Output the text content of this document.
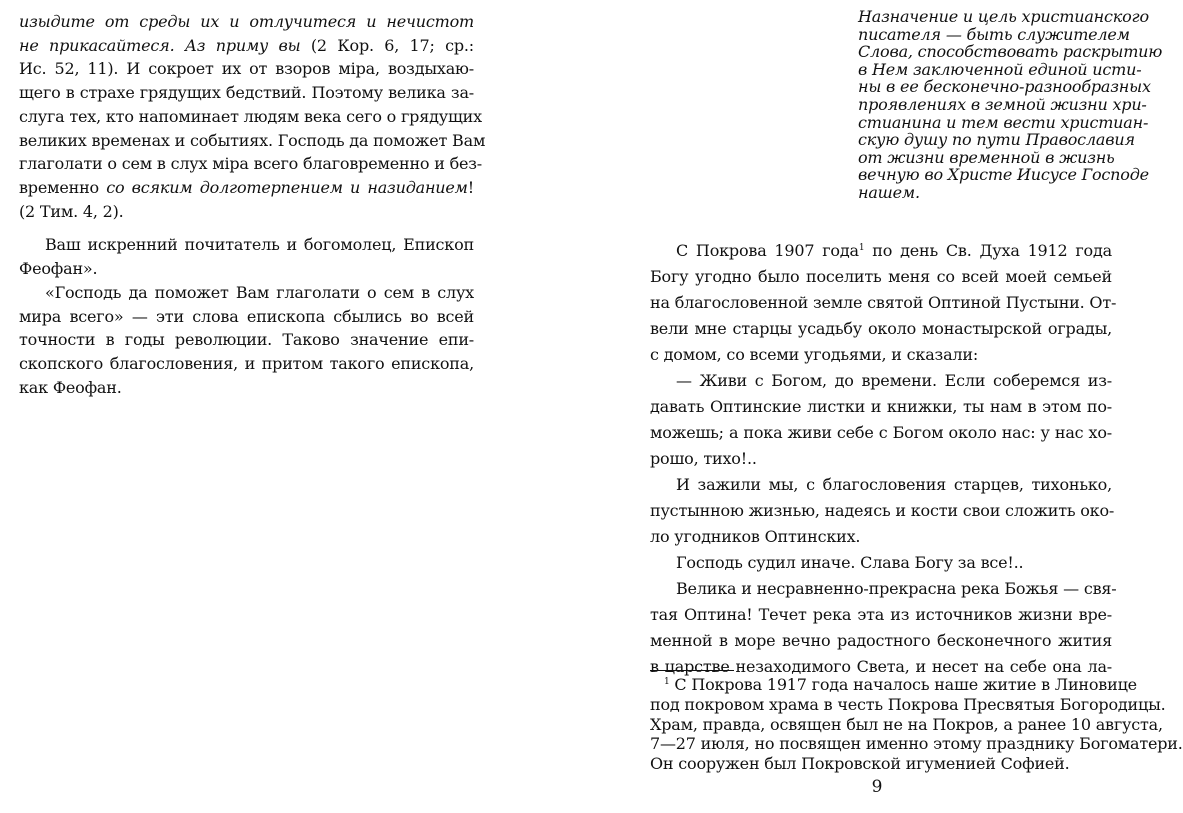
изыдите от среды их и отлучитеся и нечистот
не прикасайтеся. Аз приму вы (2 Кор. 6, 17; ср.:
Ис. 52, 11). И сокроет их от взоров міра, воздыхаю-
щего в страхе грядущих бедствий. Поэтому велика за-
слуга тех, кто напоминает людям века сего о грядущих
великих временах и событиях. Господь да поможет Вам
глаголати о сем в слух міра всего благовременно и без-
временно со всяким долготерпением и назиданием!
(2 Тим. 4, 2).
Ваш искренний почитатель и богомолец, Епископ
Феофан».
«Господь да поможет Вам глаголати о сем в слух
мира всего» — эти слова епископа сбылись во всей
точности в годы революции. Таково значение епи-
скопского благословения, и притом такого епископа,
как Феофан.
Назначение и цель христианского
писателя — быть служителем
Слова, способствовать раскрытию
в Нем заключенной единой исти-
ны в ее бесконечно-разнообразных
проявлениях в земной жизни хри-
стианина и тем вести христиан-
скую душу по пути Православия
от жизни временной в жизнь
вечную во Христе Иисусе Господе
нашем.
С Покрова 1907 года$^1$ по день Св. Духа 1912 года
Богу угодно было поселить меня со всей моей семьей
на благословенной земле святой Оптиной Пустыни. От-
вели мне старцы усадьбу около монастырской ограды,
с домом, со всеми угодьями, и сказали:
— Живи с Богом, до времени. Если соберемся из-
давать Оптинские листки и книжки, ты нам в этом по-
можешь; а пока живи себе с Богом около нас: у нас хо-
рошо, тихо!..
И зажили мы, с благословения старцев, тихонько,
пустынною жизнью, надеясь и кости свои сложить око-
ло угодников Оптинских.
Господь судил иначе. Слава Богу за все!..
Велика и несравненно-прекрасна река Божья — свя-
тая Оптина! Течет река эта из источников жизни вре-
менной в море вечно радостного бесконечного жития
в царстве незаходимого Света, и несет на себе она ла-
$^1$ С Покрова 1917 года началось наше житие в Линовице
под покровом храма в честь Покрова Пресвятыя Богородицы.
Храм, правда, освящен был не на Покров, а ранее 10 августа,
7—27 июля, но посвящен именно этому празднику Богоматери.
Он сооружен был Покровской игуменией Софией.
9
